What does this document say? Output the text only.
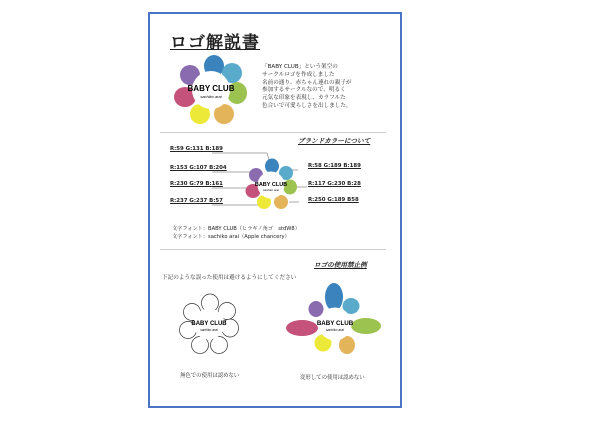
ロゴ解説書
BABY CLUB
sachiko arai
「BABY CLUB」という架空の
サークルロゴを作成しました
名前の通り、赤ちゃん連れの親子が
参加するサークルなので、明るく
元気な印象を表現し、カラフルた
色合いで可愛らしさを出しました。
ブランドカラーについて
BABY CLUB
sachiko arai
R:59 G:131 B:189
R:153 G:107 B:204
R:230 G:79 B:161
R:237 G:237 B:57
R:58 G:189 B:189
R:117 G:230 B:28
R:250 G:189 B58
文字フォント：BABY CLUB（ヒラギノ角ゴ　stdW8）
文字フォント：sachiko arai（Apple chancery）
ロゴの使用禁止例
下記のような誤った使用は避けるようにしてください
BABY CLUB
sachiko arai
BABY CLUB
sachiko arai
無色での使用は認めない	変形しての使用は認めない
